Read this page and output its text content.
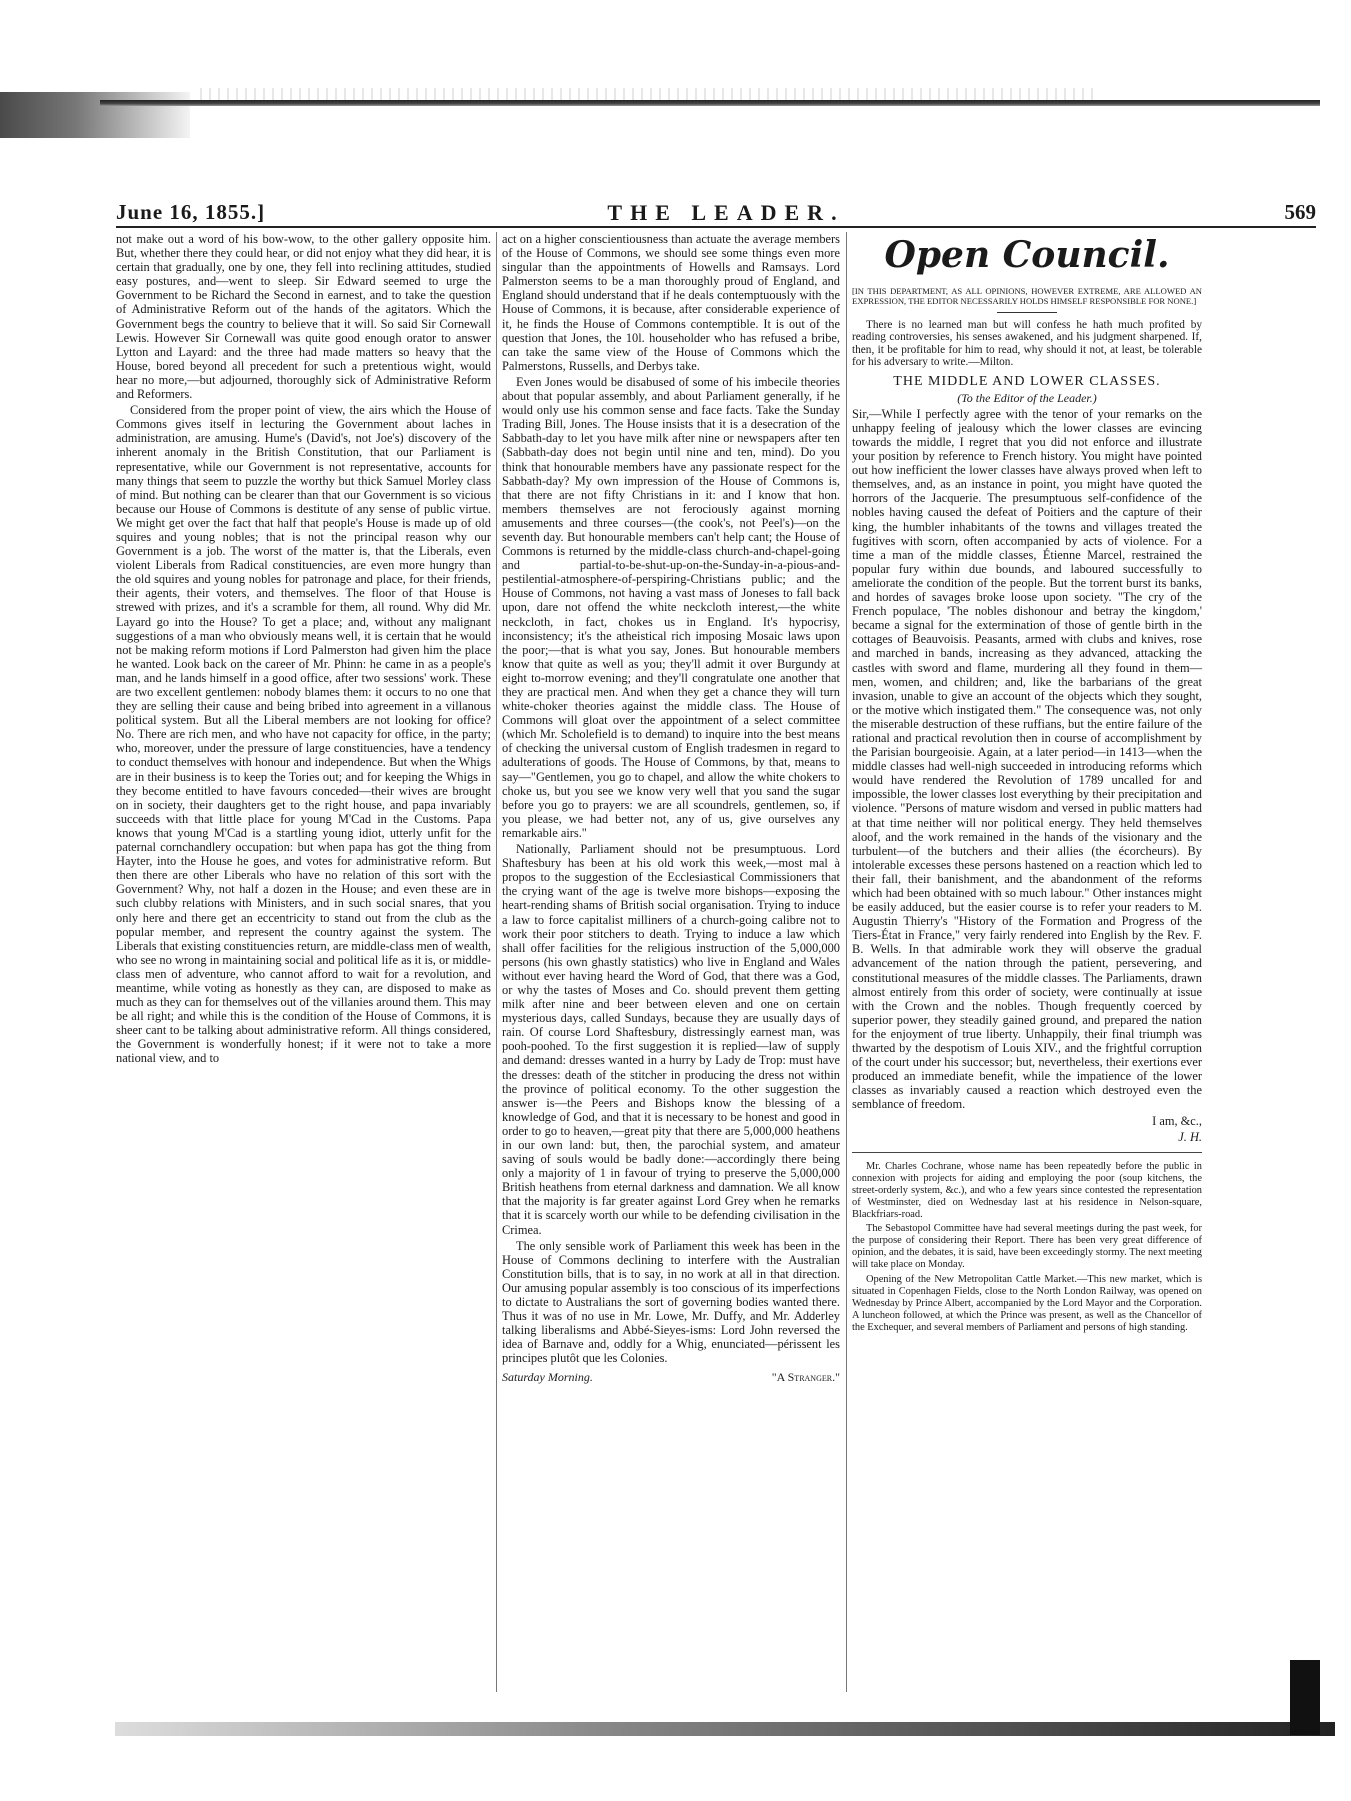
June 16, 1855.]	THE LEADER.	569

not make out a word of his bow-wow, to the other gallery opposite him. But, whether there they could hear, or did not enjoy what they did hear, it is certain that gradually, one by one, they fell into reclining attitudes, studied easy postures, and—went to sleep. Sir Edward seemed to urge the Government to be Richard the Second in earnest, and to take the question of Administrative Reform out of the hands of the agitators. Which the Government begs the country to believe that it will. So said Sir Cornewall Lewis. However Sir Cornewall was quite good enough orator to answer Lytton and Layard: and the three had made matters so heavy that the House, bored beyond all precedent for such a pretentious wight, would hear no more,—but adjourned, thoroughly sick of Administrative Reform and Reformers.

Considered from the proper point of view, the airs which the House of Commons gives itself in lecturing the Government about laches in administration, are amusing. Hume's (David's, not Joe's) discovery of the inherent anomaly in the British Constitution, that our Parliament is representative, while our Government is not representative, accounts for many things that seem to puzzle the worthy but thick Samuel Morley class of mind. But nothing can be clearer than that our Government is so vicious because our House of Commons is destitute of any sense of public virtue. We might get over the fact that half that people's House is made up of old squires and young nobles; that is not the principal reason why our Government is a job. The worst of the matter is, that the Liberals, even violent Liberals from Radical constituencies, are even more hungry than the old squires and young nobles for patronage and place, for their friends, their agents, their voters, and themselves. The floor of that House is strewed with prizes, and it's a scramble for them, all round. Why did Mr. Layard go into the House? To get a place; and, without any malignant suggestions of a man who obviously means well, it is certain that he would not be making reform motions if Lord Palmerston had given him the place he wanted. Look back on the career of Mr. Phinn: he came in as a people's man, and he lands himself in a good office, after two sessions' work. These are two excellent gentlemen: nobody blames them: it occurs to no one that they are selling their cause and being bribed into agreement in a villanous political system. But all the Liberal members are not looking for office? No. There are rich men, and who have not capacity for office, in the party; who, moreover, under the pressure of large constituencies, have a tendency to conduct themselves with honour and independence. But when the Whigs are in their business is to keep the Tories out; and for keeping the Whigs in they become entitled to have favours conceded—their wives are brought on in society, their daughters get to the right house, and papa invariably succeeds with that little place for young M'Cad in the Customs. Papa knows that young M'Cad is a startling young idiot, utterly unfit for the paternal cornchandlery occupation: but when papa has got the thing from Hayter, into the House he goes, and votes for administrative reform. But then there are other Liberals who have no relation of this sort with the Government? Why, not half a dozen in the House; and even these are in such clubby relations with Ministers, and in such social snares, that you only here and there get an eccentricity to stand out from the club as the popular member, and represent the country against the system. The Liberals that existing constituencies return, are middle-class men of wealth, who see no wrong in maintaining social and political life as it is, or middle-class men of adventure, who cannot afford to wait for a revolution, and meantime, while voting as honestly as they can, are disposed to make as much as they can for themselves out of the villanies around them. This may be all right; and while this is the condition of the House of Commons, it is sheer cant to be talking about administrative reform. All things considered, the Government is wonderfully honest; if it were not to take a more national view, and to

act on a higher conscientiousness than actuate the average members of the House of Commons, we should see some things even more singular than the appointments of Howells and Ramsays. Lord Palmerston seems to be a man thoroughly proud of England, and England should understand that if he deals contemptuously with the House of Commons, it is because, after considerable experience of it, he finds the House of Commons contemptible. It is out of the question that Jones, the 10l. householder who has refused a bribe, can take the same view of the House of Commons which the Palmerstons, Russells, and Derbys take.

Even Jones would be disabused of some of his imbecile theories about that popular assembly, and about Parliament generally, if he would only use his common sense and face facts. Take the Sunday Trading Bill, Jones. The House insists that it is a desecration of the Sabbath-day to let you have milk after nine or newspapers after ten (Sabbath-day does not begin until nine and ten, mind). Do you think that honourable members have any passionate respect for the Sabbath-day? My own impression of the House of Commons is, that there are not fifty Christians in it: and I know that hon. members themselves are not ferociously against morning amusements and three courses—(the cook's, not Peel's)—on the seventh day. But honourable members can't help cant; the House of Commons is returned by the middle-class church-and-chapel-going and partial-to-be-shut-up-on-the-Sunday-in-a-pious-and-pestilential-atmosphere-of-perspiring-Christians public; and the House of Commons, not having a vast mass of Joneses to fall back upon, dare not offend the white neckcloth interest,—the white neckcloth, in fact, chokes us in England. It's hypocrisy, inconsistency; it's the atheistical rich imposing Mosaic laws upon the poor;—that is what you say, Jones. But honourable members know that quite as well as you; they'll admit it over Burgundy at eight to-morrow evening; and they'll congratulate one another that they are practical men. And when they get a chance they will turn white-choker theories against the middle class. The House of Commons will gloat over the appointment of a select committee (which Mr. Scholefield is to demand) to inquire into the best means of checking the universal custom of English tradesmen in regard to adulterations of goods. The House of Commons, by that, means to say—"Gentlemen, you go to chapel, and allow the white chokers to choke us, but you see we know very well that you sand the sugar before you go to prayers: we are all scoundrels, gentlemen, so, if you please, we had better not, any of us, give ourselves any remarkable airs."

Nationally, Parliament should not be presumptuous. Lord Shaftesbury has been at his old work this week,—most mal à propos to the suggestion of the Ecclesiastical Commissioners that the crying want of the age is twelve more bishops—exposing the heart-rending shams of British social organisation. Trying to induce a law to force capitalist milliners of a church-going calibre not to work their poor stitchers to death. Trying to induce a law which shall offer facilities for the religious instruction of the 5,000,000 persons (his own ghastly statistics) who live in England and Wales without ever having heard the Word of God, that there was a God, or why the tastes of Moses and Co. should prevent them getting milk after nine and beer between eleven and one on certain mysterious days, called Sundays, because they are usually days of rain. Of course Lord Shaftesbury, distressingly earnest man, was pooh-poohed. To the first suggestion it is replied—law of supply and demand: dresses wanted in a hurry by Lady de Trop: must have the dresses: death of the stitcher in producing the dress not within the province of political economy. To the other suggestion the answer is—the Peers and Bishops know the blessing of a knowledge of God, and that it is necessary to be honest and good in order to go to heaven,—great pity that there are 5,000,000 heathens in our own land: but, then, the parochial system, and amateur saving of souls would be badly done:—accordingly there being only a majority of 1 in favour of trying to preserve the 5,000,000 British heathens from eternal darkness and damnation. We all know that the majority is far greater against Lord Grey when he remarks that it is scarcely worth our while to be defending civilisation in the Crimea.

The only sensible work of Parliament this week has been in the House of Commons declining to interfere with the Australian Constitution bills, that is to say, in no work at all in that direction. Our amusing popular assembly is too conscious of its imperfections to dictate to Australians the sort of governing bodies wanted there. Thus it was of no use in Mr. Lowe, Mr. Duffy, and Mr. Adderley talking liberalisms and Abbé-Sieyes-isms: Lord John reversed the idea of Barnave and, oddly for a Whig, enunciated—périssent les principes plutôt que les Colonies.

Saturday Morning.	"A Stranger."
Open Council.
[IN THIS DEPARTMENT, AS ALL OPINIONS, HOWEVER EXTREME, ARE ALLOWED AN EXPRESSION, THE EDITOR NECESSARILY HOLDS HIMSELF RESPONSIBLE FOR NONE.]

There is no learned man but will confess he hath much profited by reading controversies, his senses awakened, and his judgment sharpened. If, then, it be profitable for him to read, why should it not, at least, be tolerable for his adversary to write.—Milton.

THE MIDDLE AND LOWER CLASSES.
(To the Editor of the Leader.)

Sir,—While I perfectly agree with the tenor of your remarks on the unhappy feeling of jealousy which the lower classes are evincing towards the middle, I regret that you did not enforce and illustrate your position by reference to French history. You might have pointed out how inefficient the lower classes have always proved when left to themselves, and, as an instance in point, you might have quoted the horrors of the Jacquerie. The presumptuous self-confidence of the nobles having caused the defeat of Poitiers and the capture of their king, the humbler inhabitants of the towns and villages treated the fugitives with scorn, often accompanied by acts of violence. For a time a man of the middle classes, Étienne Marcel, restrained the popular fury within due bounds, and laboured successfully to ameliorate the condition of the people. But the torrent burst its banks, and hordes of savages broke loose upon society. "The cry of the French populace, 'The nobles dishonour and betray the kingdom,' became a signal for the extermination of those of gentle birth in the cottages of Beauvoisis. Peasants, armed with clubs and knives, rose and marched in bands, increasing as they advanced, attacking the castles with sword and flame, murdering all they found in them—men, women, and children; and, like the barbarians of the great invasion, unable to give an account of the objects which they sought, or the motive which instigated them." The consequence was, not only the miserable destruction of these ruffians, but the entire failure of the rational and practical revolution then in course of accomplishment by the Parisian bourgeoisie. Again, at a later period—in 1413—when the middle classes had well-nigh succeeded in introducing reforms which would have rendered the Revolution of 1789 uncalled for and impossible, the lower classes lost everything by their precipitation and violence. "Persons of mature wisdom and versed in public matters had at that time neither will nor political energy. They held themselves aloof, and the work remained in the hands of the visionary and the turbulent—of the butchers and their allies (the écorcheurs). By intolerable excesses these persons hastened on a reaction which led to their fall, their banishment, and the abandonment of the reforms which had been obtained with so much labour." Other instances might be easily adduced, but the easier course is to refer your readers to M. Augustin Thierry's "History of the Formation and Progress of the Tiers-État in France," very fairly rendered into English by the Rev. F. B. Wells. In that admirable work they will observe the gradual advancement of the nation through the patient, persevering, and constitutional measures of the middle classes. The Parliaments, drawn almost entirely from this order of society, were continually at issue with the Crown and the nobles. Though frequently coerced by superior power, they steadily gained ground, and prepared the nation for the enjoyment of true liberty. Unhappily, their final triumph was thwarted by the despotism of Louis XIV., and the frightful corruption of the court under his successor; but, nevertheless, their exertions ever produced an immediate benefit, while the impatience of the lower classes as invariably caused a reaction which destroyed even the semblance of freedom.

I am, &c.,

J. H.

Mr. Charles Cochrane, whose name has been repeatedly before the public in connexion with projects for aiding and employing the poor (soup kitchens, the street-orderly system, &c.), and who a few years since contested the representation of Westminster, died on Wednesday last at his residence in Nelson-square, Blackfriars-road.

The Sebastopol Committee have had several meetings during the past week, for the purpose of considering their Report. There has been very great difference of opinion, and the debates, it is said, have been exceedingly stormy. The next meeting will take place on Monday.

Opening of the New Metropolitan Cattle Market.—This new market, which is situated in Copenhagen Fields, close to the North London Railway, was opened on Wednesday by Prince Albert, accompanied by the Lord Mayor and the Corporation. A luncheon followed, at which the Prince was present, as well as the Chancellor of the Exchequer, and several members of Parliament and persons of high standing.
